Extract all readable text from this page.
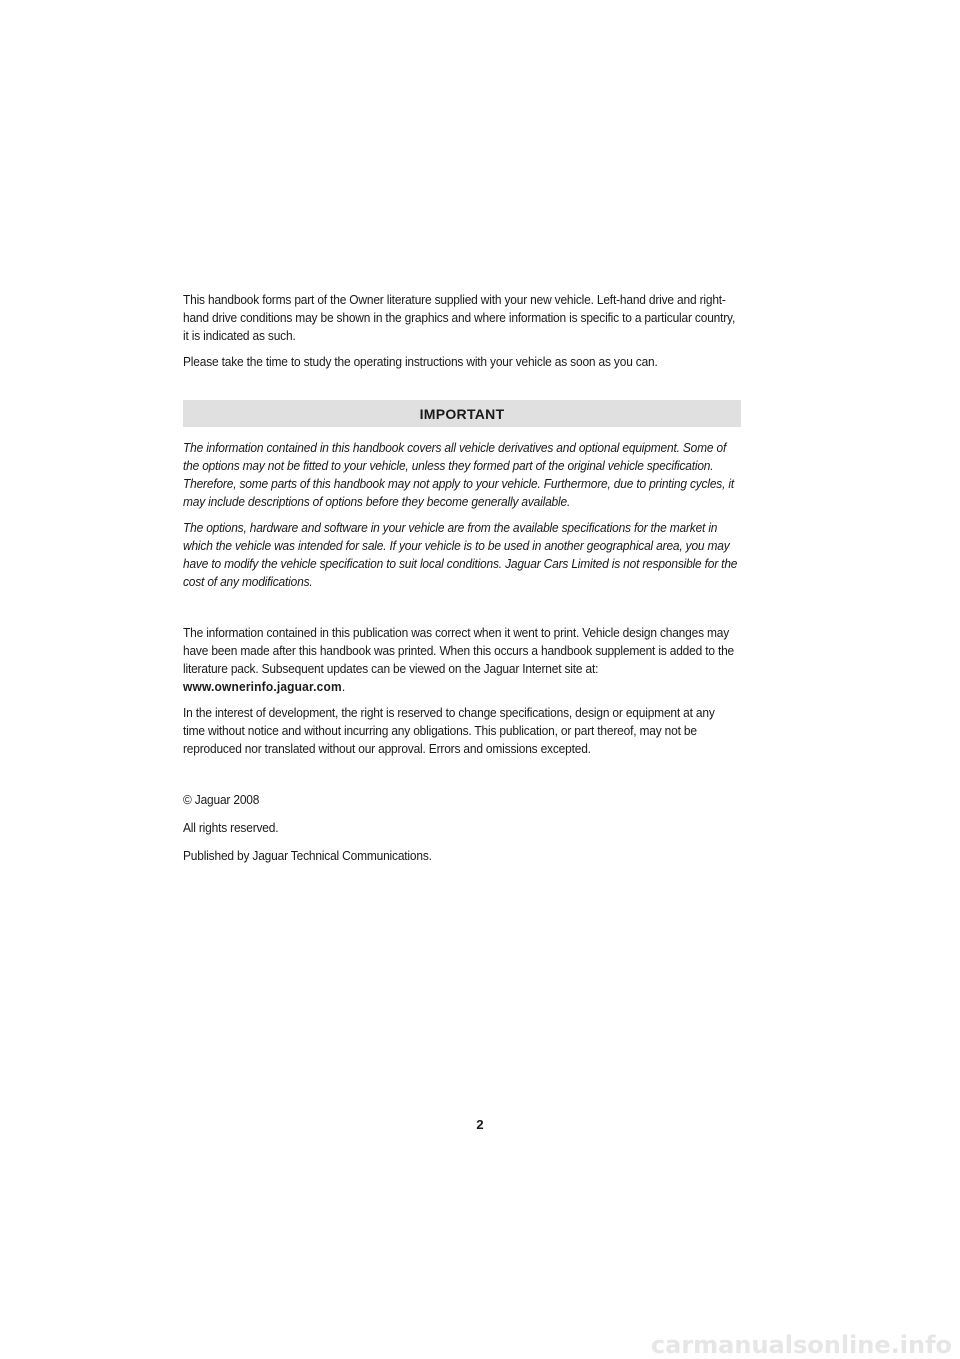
This handbook forms part of the Owner literature supplied with your new vehicle. Left-hand drive and right-hand drive conditions may be shown in the graphics and where information is specific to a particular country, it is indicated as such.

Please take the time to study the operating instructions with your vehicle as soon as you can.

IMPORTANT

The information contained in this handbook covers all vehicle derivatives and optional equipment. Some of the options may not be fitted to your vehicle, unless they formed part of the original vehicle specification. Therefore, some parts of this handbook may not apply to your vehicle. Furthermore, due to printing cycles, it may include descriptions of options before they become generally available.

The options, hardware and software in your vehicle are from the available specifications for the market in which the vehicle was intended for sale. If your vehicle is to be used in another geographical area, you may have to modify the vehicle specification to suit local conditions. Jaguar Cars Limited is not responsible for the cost of any modifications.

The information contained in this publication was correct when it went to print. Vehicle design changes may have been made after this handbook was printed. When this occurs a handbook supplement is added to the literature pack. Subsequent updates can be viewed on the Jaguar Internet site at: www.ownerinfo.jaguar.com.

In the interest of development, the right is reserved to change specifications, design or equipment at any time without notice and without incurring any obligations. This publication, or part thereof, may not be reproduced nor translated without our approval. Errors and omissions excepted.

© Jaguar 2008

All rights reserved.

Published by Jaguar Technical Communications.

2
carmanualsonline.info
